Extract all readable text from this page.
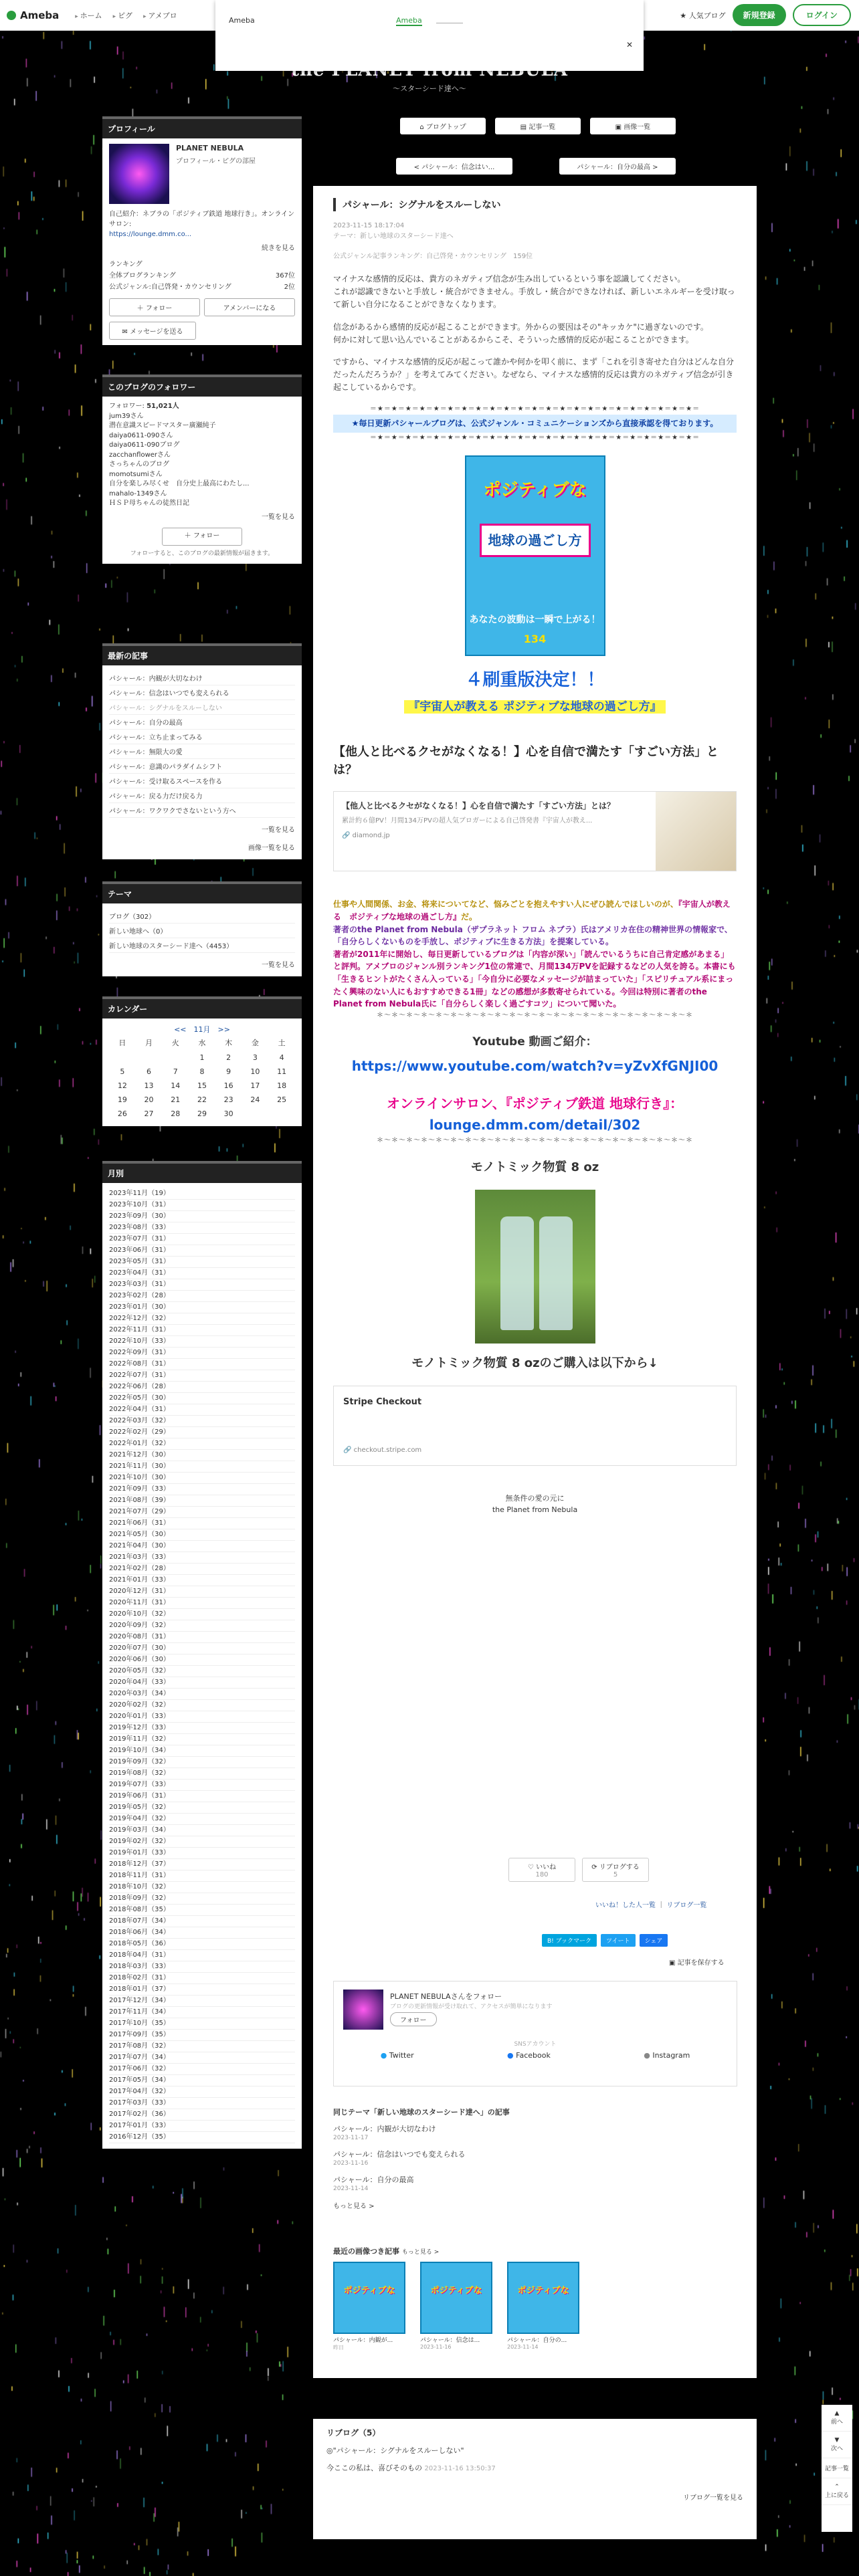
Ameba	▸ ホーム	▸ ピグ	▸ アメブロ	★ 人気ブログ	新規登録	ログイン
Ameba	Ameba
✕

〜スターシード達へ〜

⌂ ブログトップ	▤ 記事一覧	▣ 画像一覧
< パシャール：信念はい...	パシャール：自分の最高 >
プロフィール
PLANET NEBULA
プロフィール・ピグの部屋
自己紹介：ネブラの「ポジティブ鉄道 地球行き」。オンラインサロン:
https://lounge.dmm.co...
続きを見る
ランキング
全体ブログランキング	367位
公式ジャンル:自己啓発・カウンセリング	2位
＋ フォロー	アメンバーになる
✉ メッセージを送る
このブログのフォロワー
フォロワー: 51,021人
jum39さん
潜在意識スピードマスター廣瀬純子
daiya0611-090さん
daiya0611-090ブログ
zacchanflowerさん
さっちゃんのブログ
momotsumiさん
自分を楽しみ尽くせ　自分史上最高にわたし...
mahalo-1349さん
ＨＳＰ母ちゃんの徒然日記
一覧を見る
＋ フォロー
フォローすると、このブログの最新情報が届きます。
最新の記事
パシャール：内観が大切なわけ
パシャール：信念はいつでも変えられる
パシャール：シグナルをスルーしない
パシャール：自分の最高
パシャール：立ち止まってみる
パシャール：無限大の愛
パシャール：意識のパラダイムシフト
パシャール：受け取るスペースを作る
パシャール：戻る力だけ戻る力
パシャール：ワクワクでさないという方へ
一覧を見る
画像一覧を見る
テーマ
ブログ（302）
新しい地球へ（0）
新しい地球のスターシード達へ（4453）
一覧を見る
カレンダー
<<　11月　>>
日	月	火	水	木	金	土
			1	2	3	4
5	6	7	8	9	10	11
12	13	14	15	16	17	18
19	20	21	22	23	24	25
26	27	28	29	30		
月別
2023年11月（19）
2023年10月（31）
2023年09月（30）
2023年08月（33）
2023年07月（31）
2023年06月（31）
2023年05月（31）
2023年04月（31）
2023年03月（31）
2023年02月（28）
2023年01月（30）
2022年12月（32）
2022年11月（31）
2022年10月（33）
2022年09月（31）
2022年08月（31）
2022年07月（31）
2022年06月（28）
2022年05月（30）
2022年04月（31）
2022年03月（32）
2022年02月（29）
2022年01月（32）
2021年12月（30）
2021年11月（30）
2021年10月（30）
2021年09月（33）
2021年08月（39）
2021年07月（29）
2021年06月（31）
2021年05月（30）
2021年04月（30）
2021年03月（33）
2021年02月（28）
2021年01月（33）
2020年12月（31）
2020年11月（31）
2020年10月（32）
2020年09月（32）
2020年08月（31）
2020年07月（30）
2020年06月（30）
2020年05月（32）
2020年04月（33）
2020年03月（34）
2020年02月（32）
2020年01月（33）
2019年12月（33）
2019年11月（32）
2019年10月（34）
2019年09月（32）
2019年08月（32）
2019年07月（33）
2019年06月（31）
2019年05月（32）
2019年04月（32）
2019年03月（34）
2019年02月（32）
2019年01月（33）
2018年12月（37）
2018年11月（31）
2018年10月（32）
2018年09月（32）
2018年08月（35）
2018年07月（34）
2018年06月（34）
2018年05月（36）
2018年04月（31）
2018年03月（33）
2018年02月（31）
2018年01月（37）
2017年12月（34）
2017年11月（34）
2017年10月（35）
2017年09月（35）
2017年08月（32）
2017年07月（34）
2017年06月（32）
2017年05月（34）
2017年04月（32）
2017年03月（33）
2017年02月（36）
2017年01月（33）
2016年12月（35）
パシャール：シグナルをスルーしない
2023-11-15 18:17:04
テーマ：新しい地球のスターシード達へ
公式ジャンル記事ランキング：自己啓発・カウンセリング　159位

マイナスな感情的反応は、貴方のネガティブ信念が生み出しているという事を認識してください。
これが認識できないと手放し・統合ができません。手放し・統合ができなければ、新しいエネルギーを受け取って新しい自分になることができなくなります。

信念があるから感情的反応が起こることができます。外からの要因はその"キッカケ"に過ぎないのです。
何かに対して思い込んでいることがあるからこそ、そういった感情的反応が起こることができます。

ですから、マイナスな感情的反応が起こって誰かや何かを叩く前に、まず「これを引き寄せた自分はどんな自分だったんだろうか？」を考えてみてください。なぜなら、マイナスな感情的反応は貴方のネガティブ信念が引き起こしているからです。

＝★＝★＝★＝★＝★＝★＝★＝★＝★＝★＝★＝★＝★＝★＝★＝★＝★＝★＝★＝★＝★＝★＝★＝
★毎日更新パシャールブログは、公式ジャンル・コミュニケーションズから直接承認を得ております。
＝★＝★＝★＝★＝★＝★＝★＝★＝★＝★＝★＝★＝★＝★＝★＝★＝★＝★＝★＝★＝★＝★＝★＝
ポジティブな
地球の過ごし方
あなたの波動は一瞬で上がる！
134
４刷重版決定！！
『宇宙人が教える ポジティブな地球の過ごし方』
【他人と比べるクセがなくなる！】心を自信で満たす「すごい方法」とは？
【他人と比べるクセがなくなる！】心を自信で満たす「すごい方法」とは？
累計約６億PV！月間134万PVの超人気ブロガーによる自己啓発書『宇宙人が教え...
🔗 diamond.jp
仕事や人間関係、お金、将来についてなど、悩みごとを抱えやすい人にぜひ読んでほしいのが、『宇宙人が教える　ポジティブな地球の過ごし方』だ。
著者のthe Planet from Nebula（ザプラネット フロム ネブラ）氏はアメリカ在住の精神世界の情報家で、「自分らしくないものを手放し、ポジティブに生きる方法」を提案している。
著者が2011年に開始し、毎日更新しているブログは「内容が深い」「読んでいるうちに自己肯定感があまる」と評判。アメブロのジャンル別ランキング1位の常連で、月間134万PVを記録するなどの人気を誇る。本書にも「生きるヒントがたくさん入っている」「今自分に必要なメッセージが詰まっていた」「スピリチュアル系にまったく興味のない人にもおすすめできる1冊」などの感想が多数寄せられている。今回は特別に著者のthe Planet from Nebula氏に「自分らしく楽しく過ごすコツ」について聞いた。
＊〜＊〜＊〜＊〜＊〜＊〜＊〜＊〜＊〜＊〜＊〜＊〜＊〜＊〜＊〜＊〜＊〜＊〜＊〜＊〜＊〜＊
Youtube 動画ご紹介：
https://www.youtube.com/watch?v=yZvXfGNJI00
オンラインサロン、『ポジティブ鉄道 地球行き』：
lounge.dmm.com/detail/302
＊〜＊〜＊〜＊〜＊〜＊〜＊〜＊〜＊〜＊〜＊〜＊〜＊〜＊〜＊〜＊〜＊〜＊〜＊〜＊〜＊〜＊
モノトミック物質 8 oz
モノトミック物質 8 ozのご購入は以下から↓
Stripe Checkout
🔗 checkout.stripe.com
無条件の愛の元に
the Planet from Nebula
♡ いいね
180
⟳ リブログする
5
いいね！した人一覧 ｜ リブログ一覧
B! ブックマーク	ツイート	シェア
▣ 記事を保存する
PLANET NEBULAさんをフォロー
ブログの更新情報が受け取れて、アクセスが簡単になります
フォロー
SNSアカウント
● Twitter	● Facebook	● Instagram
同じテーマ「新しい地球のスターシード達へ」の記事
パシャール：内観が大切なわけ
2023-11-17
パシャール：信念はいつでも変えられる
2023-11-16
パシャール：自分の最高
2023-11-14
もっと見る >
最近の画像つき記事 もっと見る >
ポジティブな
パシャール：内観が...
昨日
ポジティブな
パシャール：信念は...
2023-11-16
ポジティブな
パシャール：自分の...
2023-11-14
リブログ（5）
◎"パシャール：シグナルをスルーしない"
今ここの私は、喜びそのもの 2023-11-16 13:50:37
リブログ一覧を見る
▲
前へ
▼
次へ
記事一覧
⌃
上に戻る
